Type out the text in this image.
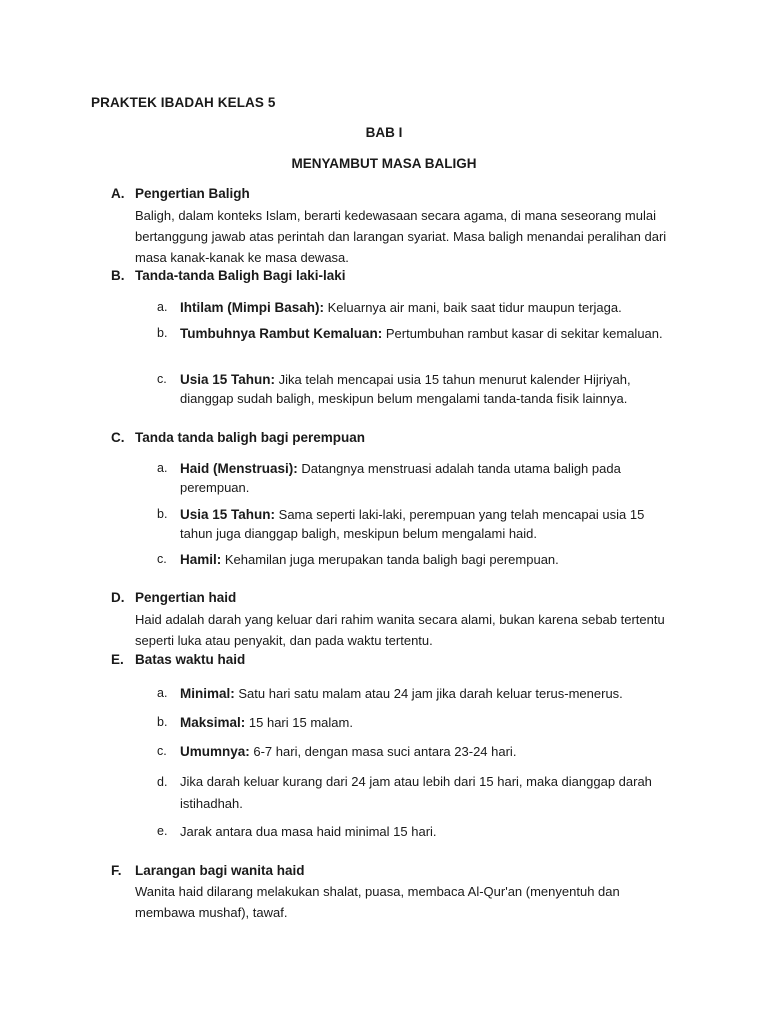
PRAKTEK IBADAH KELAS 5
BAB I
MENYAMBUT MASA BALIGH
A. Pengertian Baligh
Baligh, dalam konteks Islam, berarti kedewasaan secara agama, di mana seseorang mulai bertanggung jawab atas perintah dan larangan syariat. Masa baligh menandai peralihan dari masa kanak-kanak ke masa dewasa.
B. Tanda-tanda Baligh Bagi laki-laki
a. Ihtilam (Mimpi Basah): Keluarnya air mani, baik saat tidur maupun terjaga.
b. Tumbuhnya Rambut Kemaluan: Pertumbuhan rambut kasar di sekitar kemaluan.
c. Usia 15 Tahun: Jika telah mencapai usia 15 tahun menurut kalender Hijriyah, dianggap sudah baligh, meskipun belum mengalami tanda-tanda fisik lainnya.
C. Tanda tanda baligh bagi perempuan
a. Haid (Menstruasi): Datangnya menstruasi adalah tanda utama baligh pada perempuan.
b. Usia 15 Tahun: Sama seperti laki-laki, perempuan yang telah mencapai usia 15 tahun juga dianggap baligh, meskipun belum mengalami haid.
c. Hamil: Kehamilan juga merupakan tanda baligh bagi perempuan.
D. Pengertian haid
Haid adalah darah yang keluar dari rahim wanita secara alami, bukan karena sebab tertentu seperti luka atau penyakit, dan pada waktu tertentu.
E. Batas waktu haid
a. Minimal: Satu hari satu malam atau 24 jam jika darah keluar terus-menerus.
b. Maksimal: 15 hari 15 malam.
c. Umumnya: 6-7 hari, dengan masa suci antara 23-24 hari.
d. Jika darah keluar kurang dari 24 jam atau lebih dari 15 hari, maka dianggap darah istihadhah.
e. Jarak antara dua masa haid minimal 15 hari.
F. Larangan bagi wanita haid
Wanita haid dilarang melakukan shalat, puasa, membaca Al-Qur'an (menyentuh dan membawa mushaf), tawaf.
